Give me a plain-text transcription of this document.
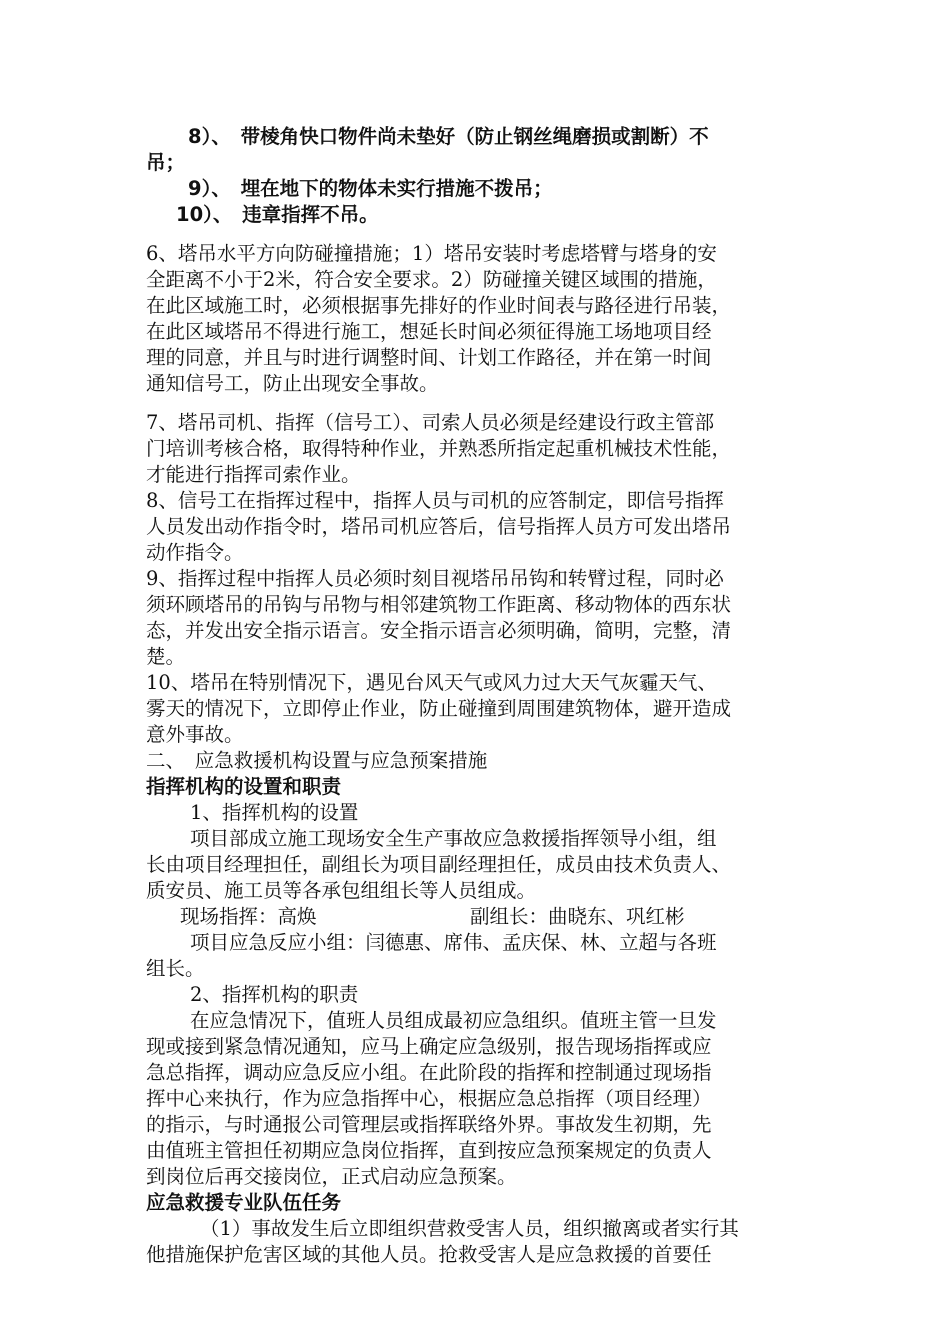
8）、　带棱角快口物件尚未垫好（防止钢丝绳磨损或割断）不
吊；
9）、　埋在地下的物体未实行措施不拨吊；
10）、　违章指挥不吊。
6、塔吊水平方向防碰撞措施；1）塔吊安装时考虑塔臂与塔身的安
全距离不小于2米，符合安全要求。2）防碰撞关键区域围的措施，
在此区域施工时，必须根据事先排好的作业时间表与路径进行吊装，
在此区域塔吊不得进行施工，想延长时间必须征得施工场地项目经
理的同意，并且与时进行调整时间、计划工作路径，并在第一时间
通知信号工，防止出现安全事故。
7、塔吊司机、指挥（信号工）、司索人员必须是经建设行政主管部
门培训考核合格，取得特种作业，并熟悉所指定起重机械技术性能，
才能进行指挥司索作业。
8、信号工在指挥过程中，指挥人员与司机的应答制定，即信号指挥
人员发出动作指令时，塔吊司机应答后，信号指挥人员方可发出塔吊
动作指令。
9、指挥过程中指挥人员必须时刻目视塔吊吊钩和转臂过程，同时必
须环顾塔吊的吊钩与吊物与相邻建筑物工作距离、移动物体的西东状
态，并发出安全指示语言。安全指示语言必须明确，简明，完整，清
楚。
10、塔吊在特别情况下，遇见台风天气或风力过大天气灰霾天气、
雾天的情况下，立即停止作业，防止碰撞到周围建筑物体，避开造成
意外事故。
二、　应急救援机构设置与应急预案措施
指挥机构的设置和职责
1、指挥机构的设置
项目部成立施工现场安全生产事故应急救援指挥领导小组，组
长由项目经理担任，副组长为项目副经理担任，成员由技术负责人、
质安员、施工员等各承包组组长等人员组成。
现场指挥：高焕	副组长：曲晓东、巩红彬
项目应急反应小组：闫德惠、席伟、孟庆保、林、立超与各班
组长。
2、指挥机构的职责
在应急情况下，值班人员组成最初应急组织。值班主管一旦发
现或接到紧急情况通知，应马上确定应急级别，报告现场指挥或应
急总指挥，调动应急反应小组。在此阶段的指挥和控制通过现场指
挥中心来执行，作为应急指挥中心，根据应急总指挥（项目经理）
的指示，与时通报公司管理层或指挥联络外界。事故发生初期，先
由值班主管担任初期应急岗位指挥，直到按应急预案规定的负责人
到岗位后再交接岗位，正式启动应急预案。
应急救援专业队伍任务
（1）事故发生后立即组织营救受害人员，组织撤离或者实行其
他措施保护危害区域的其他人员。抢救受害人是应急救援的首要任
